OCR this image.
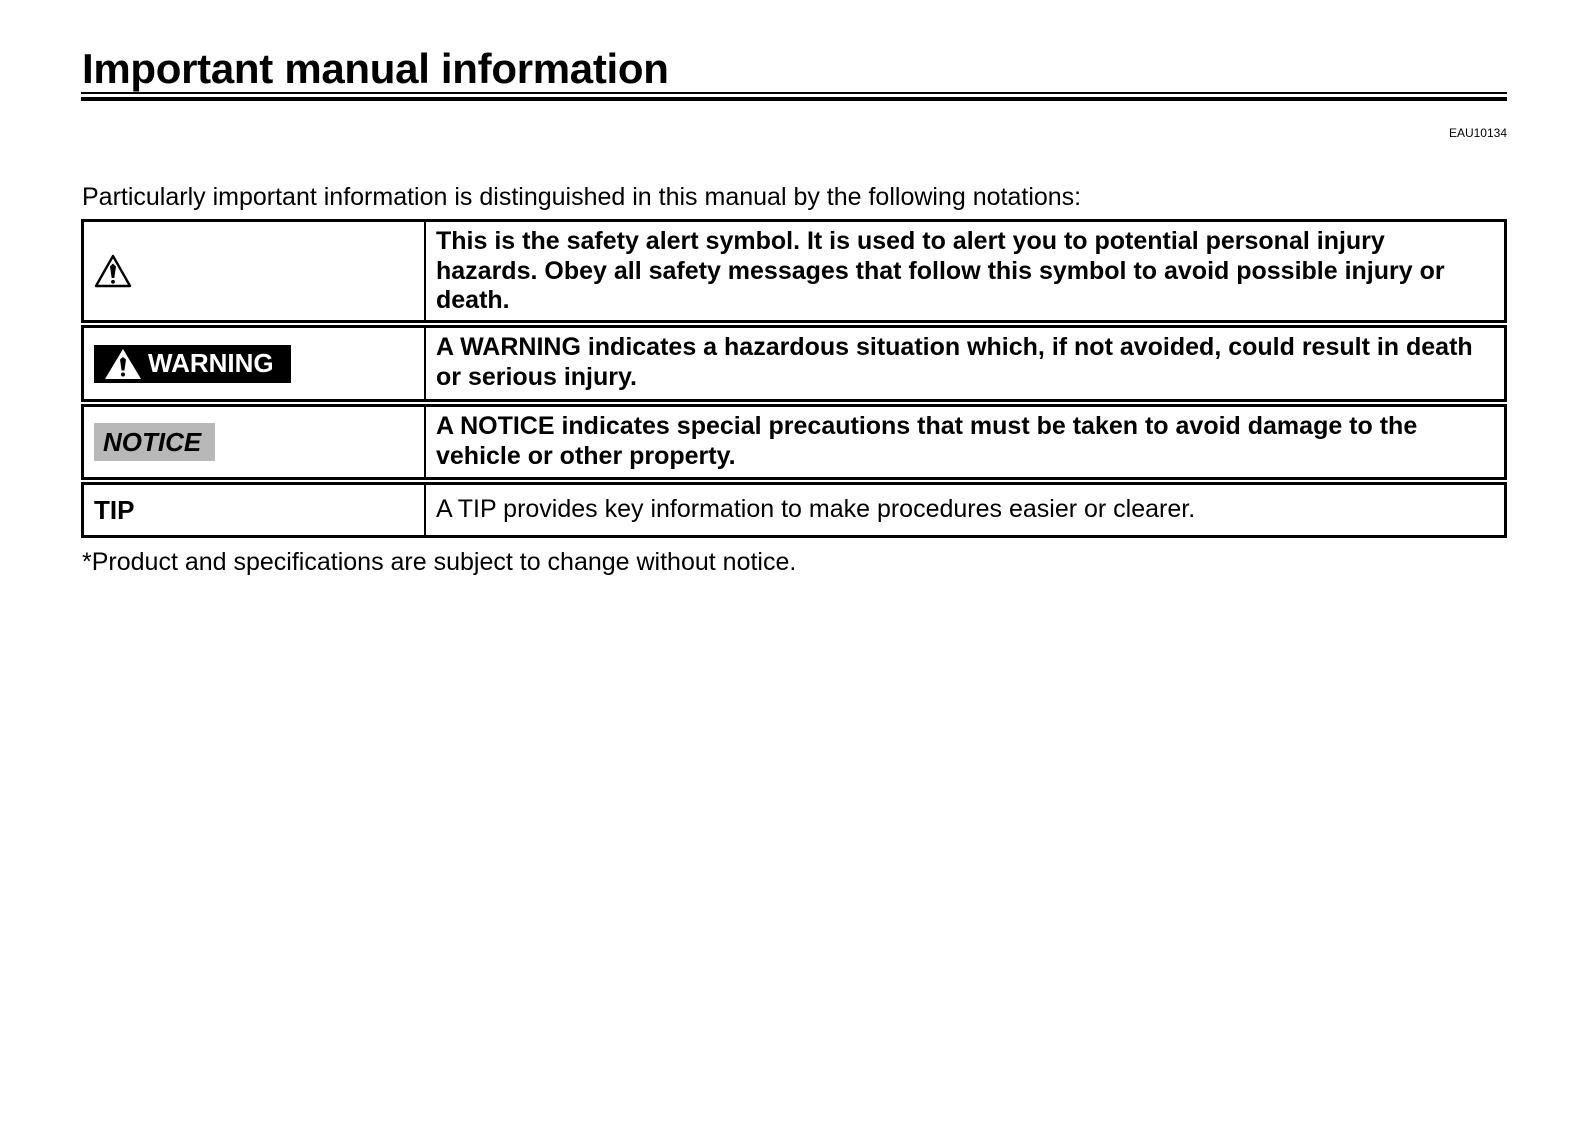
Important manual information
EAU10134
Particularly important information is distinguished in this manual by the following notations:
This is the safety alert symbol. It is used to alert you to potential personal injury hazards. Obey all safety messages that follow this symbol to avoid possible injury or death.
WARNING
A WARNING indicates a hazardous situation which, if not avoided, could result in death or serious injury.
NOTICE
A NOTICE indicates special precautions that must be taken to avoid damage to the vehicle or other property.
TIP	A TIP provides key information to make procedures easier or clearer.
*Product and specifications are subject to change without notice.
